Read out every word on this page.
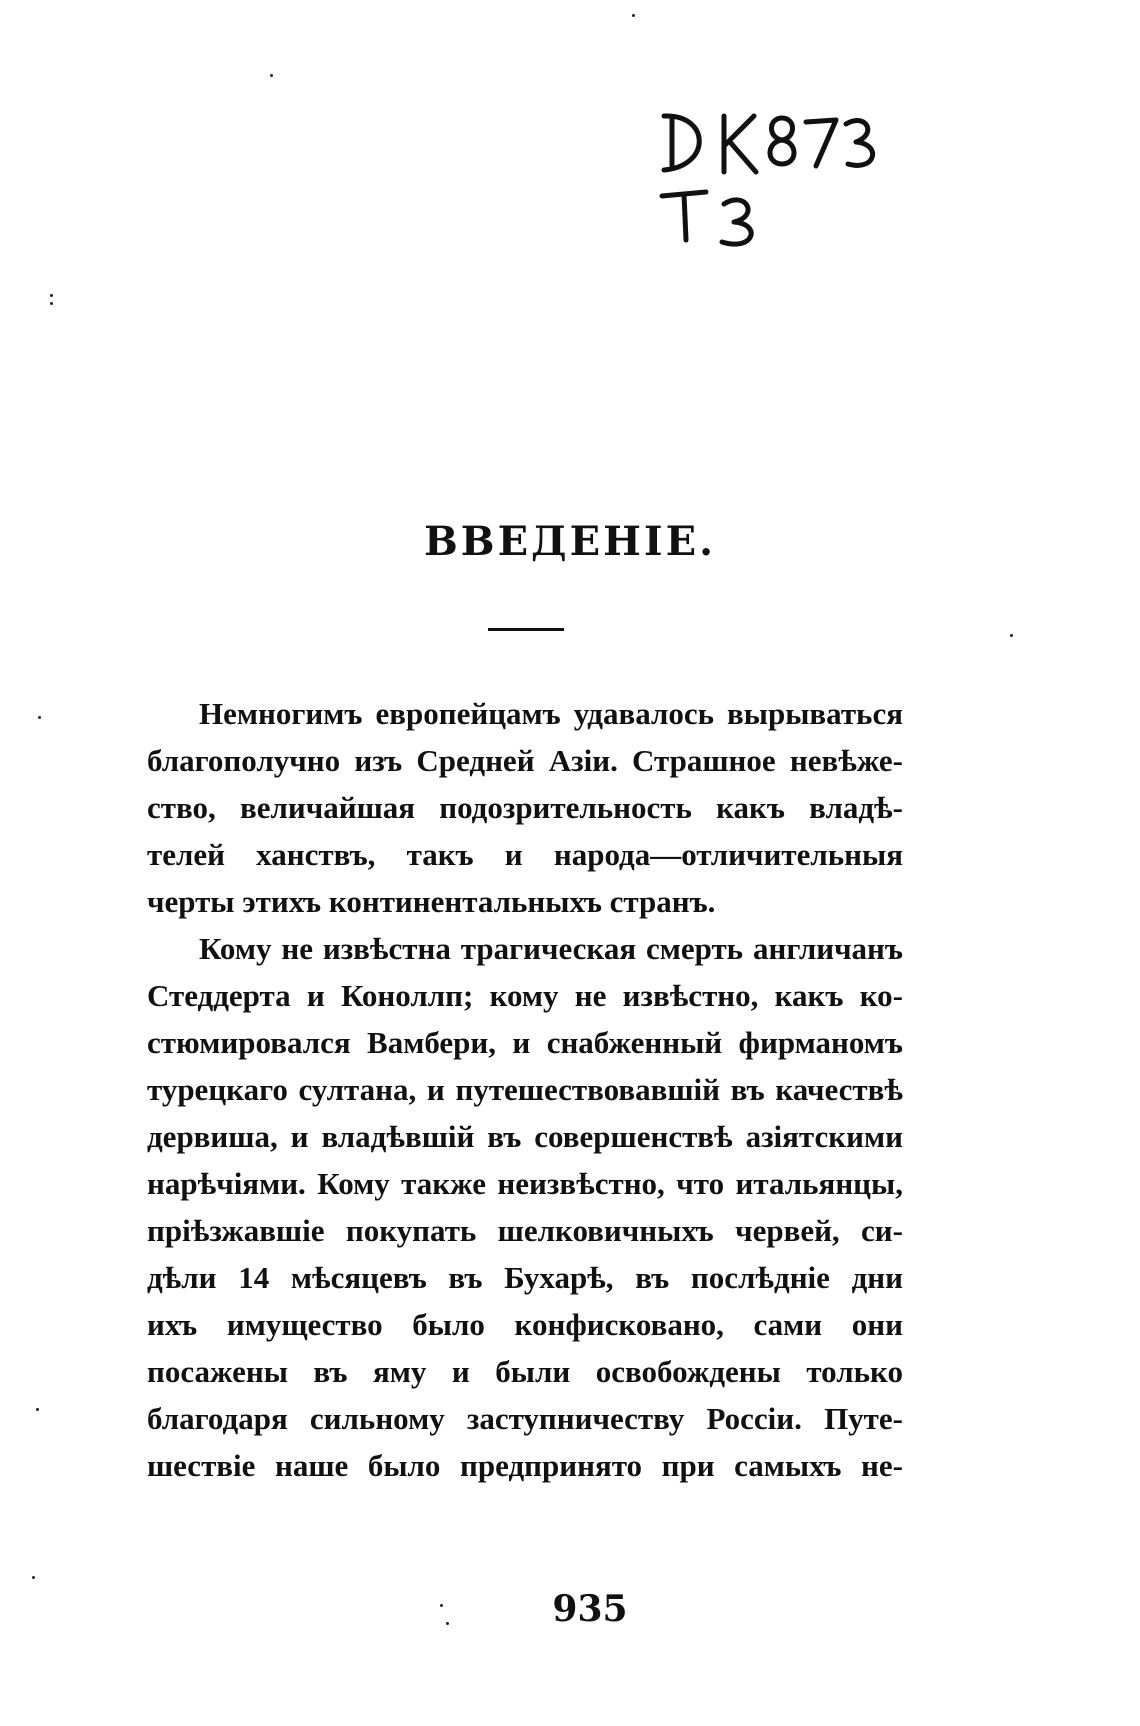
ВВЕДЕНІЕ.
Немногимъ европейцамъ удавалось вырываться
благополучно изъ Средней Азіи. Страшное невѣже-
ство, величайшая подозрительность какъ владѣ-
телей ханствъ, такъ и народа—отличительныя
черты этихъ континентальныхъ странъ.
Кому не извѣстна трагическая смерть англичанъ
Стеддерта и Коноллп; кому не извѣстно, какъ ко-
стюмировался Вамбери, и снабженный фирманомъ
турецкаго султана, и путешествовавшій въ качествѣ
дервиша, и владѣвшій въ совершенствѣ азіятскими
нарѣчіями. Кому также неизвѣстно, что итальянцы,
пріѣзжавшіе покупать шелковичныхъ червей, си-
дѣли 14 мѣсяцевъ въ Бухарѣ, въ послѣдніе дни
ихъ имущество было конфисковано, сами они
посажены въ яму и были освобождены только
благодаря сильному заступничеству Россіи. Путе-
шествіе наше было предпринято при самыхъ не-
935
